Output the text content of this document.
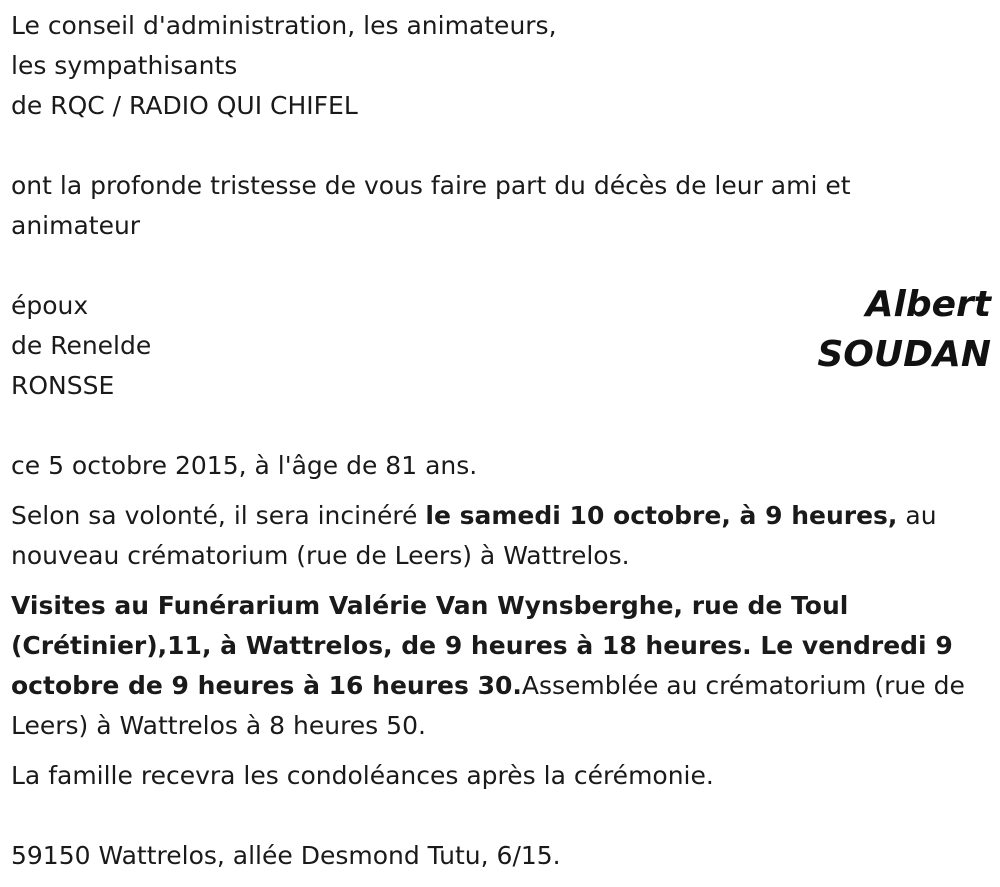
Le conseil d'administration, les animateurs,
les sympathisants
de RQC / RADIO QUI CHIFEL
ont la profonde tristesse de vous faire part du décès de leur ami et
animateur
époux
de Renelde
RONSSE
Albert
SOUDAN
ce 5 octobre 2015, à l'âge de 81 ans.
Selon sa volonté, il sera incinéré le samedi 10 octobre, à 9 heures, au
nouveau crématorium (rue de Leers) à Wattrelos.
Visites au Funérarium Valérie Van Wynsberghe, rue de Toul
(Crétinier),11, à Wattrelos, de 9 heures à 18 heures. Le vendredi 9
octobre de 9 heures à 16 heures 30.Assemblée au crématorium (rue de
Leers) à Wattrelos à 8 heures 50.
La famille recevra les condoléances après la cérémonie.
59150 Wattrelos, allée Desmond Tutu, 6/15.
